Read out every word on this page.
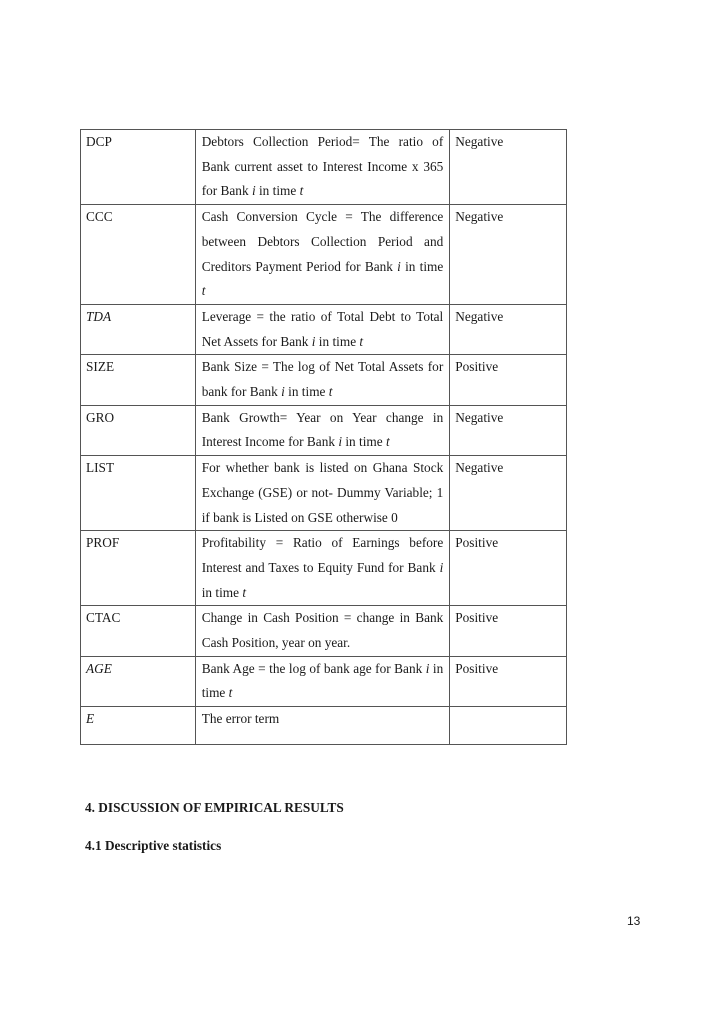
DCP	Debtors Collection Period= The ratio of Bank current asset to Interest Income x 365 for Bank i in time t	Negative
CCC	Cash Conversion Cycle = The difference between Debtors Collection Period and Creditors Payment Period for Bank i in time t	Negative
TDA	Leverage = the ratio of Total Debt to Total Net Assets for Bank i in time t	Negative
SIZE	Bank Size = The log of Net Total Assets for bank for Bank i in time t	Positive
GRO	Bank Growth= Year on Year change in Interest Income for Bank i in time t	Negative
LIST	For whether bank is listed on Ghana Stock Exchange (GSE) or not- Dummy Variable; 1 if bank is Listed on GSE otherwise 0	Negative
PROF	Profitability = Ratio of Earnings before Interest and Taxes to Equity Fund for Bank i in time t	Positive
CTAC	Change in Cash Position = change in Bank Cash Position, year on year.	Positive
AGE	Bank Age = the log of bank age for Bank i in time t	Positive
E	The error term	
4. DISCUSSION OF EMPIRICAL RESULTS
4.1 Descriptive statistics
13
